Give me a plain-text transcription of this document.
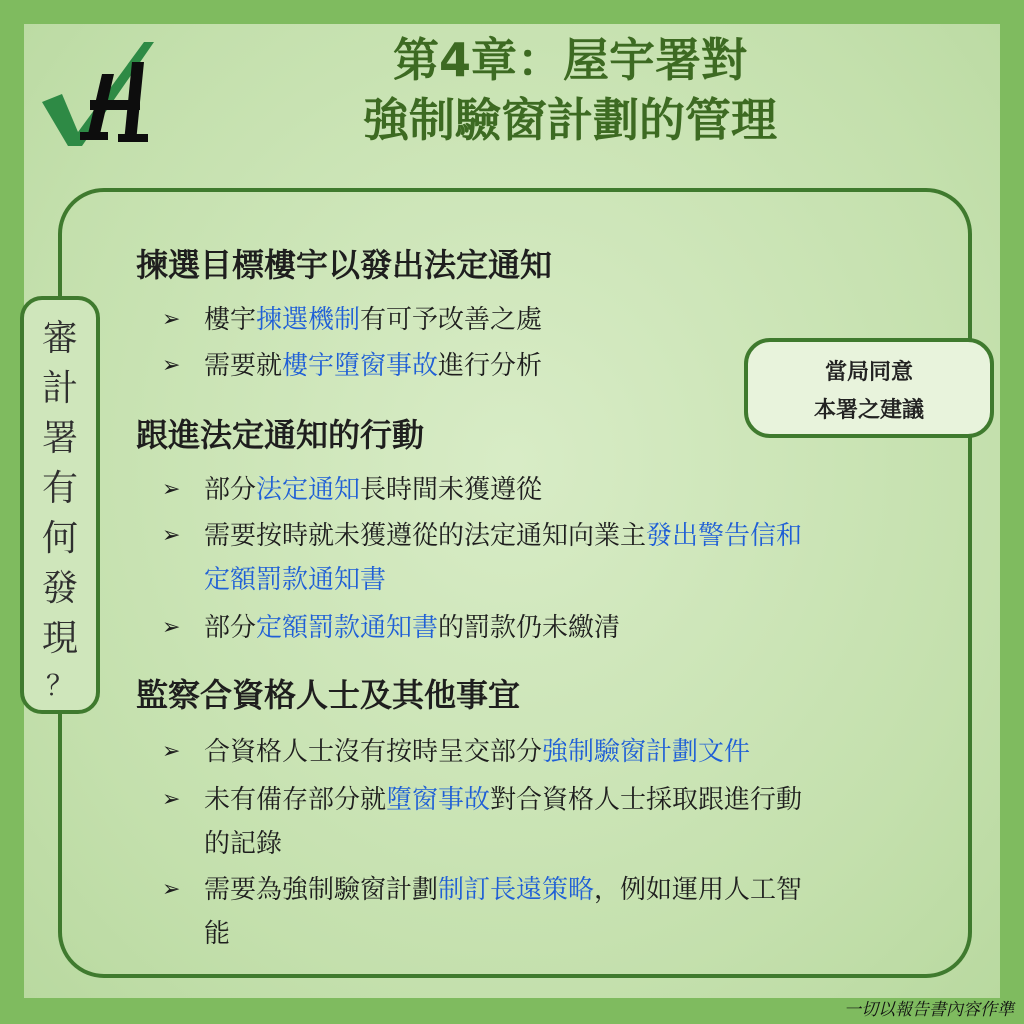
第4章：屋宇署對
強制驗窗計劃的管理
審
計
署
有
何
發
現
？
當局同意
本署之建議
揀選目標樓宇以發出法定通知
➢ 樓宇揀選機制有可予改善之處
➢ 需要就樓宇墮窗事故進行分析
跟進法定通知的行動
➢ 部分法定通知長時間未獲遵從
➢ 需要按時就未獲遵從的法定通知向業主發出警告信和
定額罰款通知書
➢ 部分定額罰款通知書的罰款仍未繳清
監察合資格人士及其他事宜
➢ 合資格人士沒有按時呈交部分強制驗窗計劃文件
➢ 未有備存部分就墮窗事故對合資格人士採取跟進行動
的記錄
➢ 需要為強制驗窗計劃制訂長遠策略，例如運用人工智
能
一切以報告書內容作準
